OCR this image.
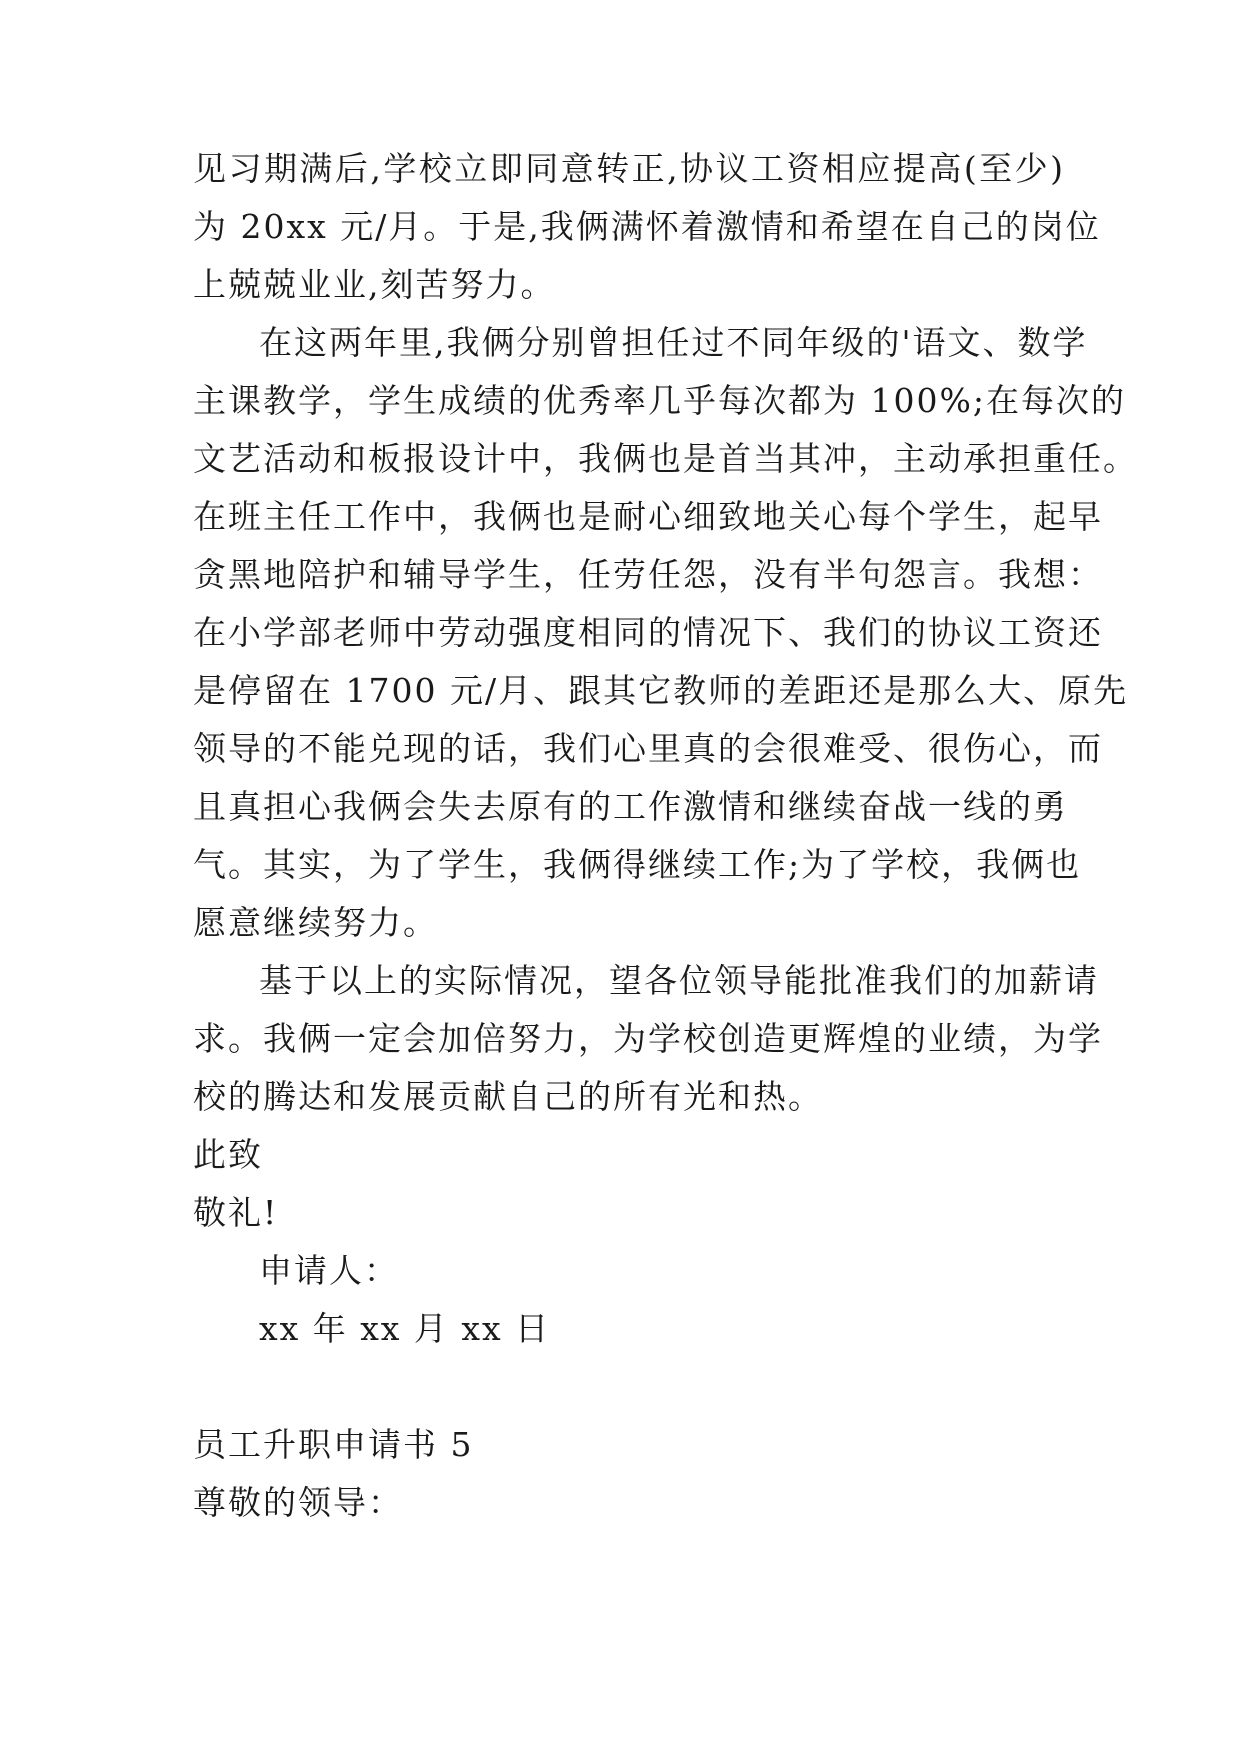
见习期满后,学校立即同意转正,协议工资相应提高(至少)
为 20xx 元/月。于是,我俩满怀着激情和希望在自己的岗位
上兢兢业业,刻苦努力。
在这两年里,我俩分别曾担任过不同年级的'语文、数学
主课教学，学生成绩的优秀率几乎每次都为 100%;在每次的
文艺活动和板报设计中，我俩也是首当其冲，主动承担重任。
在班主任工作中，我俩也是耐心细致地关心每个学生，起早
贪黑地陪护和辅导学生，任劳任怨，没有半句怨言。我想：
在小学部老师中劳动强度相同的情况下、我们的协议工资还
是停留在 1700 元/月、跟其它教师的差距还是那么大、原先
领导的不能兑现的话，我们心里真的会很难受、很伤心，而
且真担心我俩会失去原有的工作激情和继续奋战一线的勇
气。其实，为了学生，我俩得继续工作;为了学校，我俩也
愿意继续努力。
基于以上的实际情况，望各位领导能批准我们的加薪请
求。我俩一定会加倍努力，为学校创造更辉煌的业绩，为学
校的腾达和发展贡献自己的所有光和热。
此致
敬礼!
申请人：
xx 年 xx 月 xx 日
员工升职申请书 5
尊敬的领导：
